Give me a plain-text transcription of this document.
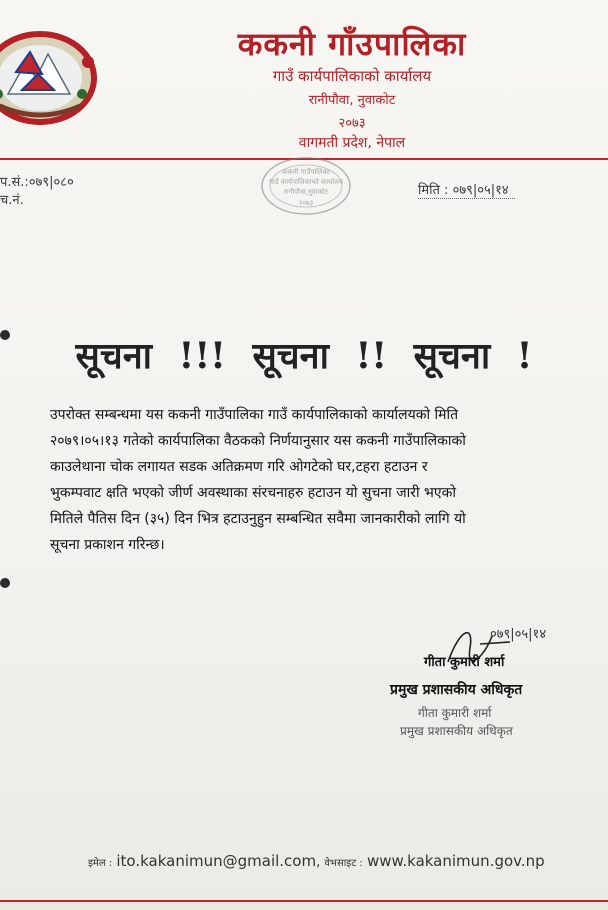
ककनी गाँउपालिका
गाउँ कार्यपालिकाको कार्यालय
रानीपौवा, नुवाकोट
२०७३
वागमती प्रदेश, नेपाल
प.सं.:०७९|०८०
च.नं.
ककनी गाउँपालिका
गाउँ कार्यपालिकाको कार्यालय
रानीपौवा,नुवाकोट
२०७३
मिति : ०७९|०५|१४
सूचना !!! सूचना !! सूचना !

उपरोक्त सम्बन्धमा यस ककनी गाउँपालिका गाउँ कार्यपालिकाको कार्यालयको मिति

२०७९।०५।१३ गतेको कार्यपालिका वैठकको निर्णयानुसार यस ककनी गाउँपालिकाको

काउलेथाना चोक लगायत सडक अतिक्रमण गरि ओगटेको घर,टहरा हटाउन र

भुकम्पवाट क्षति भएको जीर्ण अवस्थाका संरचनाहरु हटाउन यो सुचना जारी भएको

मितिले पैतिस दिन (३५) दिन भित्र हटाउनुहुन सम्बन्धित सवैमा जानकारीको लागि यो

सूचना प्रकाशन गरिन्छ।

०७९|०५|१४
गीता कुमारी शर्मा
प्रमुख प्रशासकीय अधिकृत
गीता कुमारी शर्मा
प्रमुख प्रशासकीय अधिकृत
इमेल : ito.kakanimun@gmail.com, वेभसाइट : www.kakanimun.gov.np
